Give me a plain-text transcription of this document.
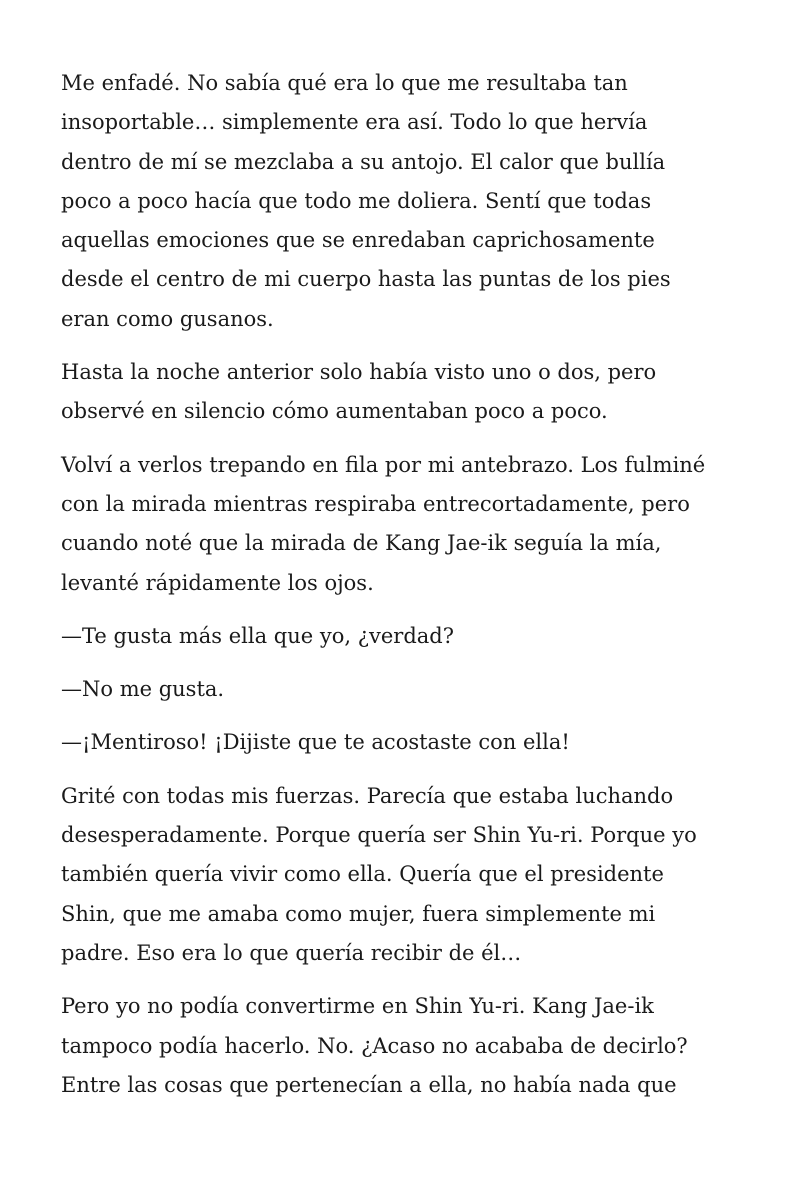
Me enfadé. No sabía qué era lo que me resultaba tan
insoportable… simplemente era así. Todo lo que hervía
dentro de mí se mezclaba a su antojo. El calor que bullía
poco a poco hacía que todo me doliera. Sentí que todas
aquellas emociones que se enredaban caprichosamente
desde el centro de mi cuerpo hasta las puntas de los pies
eran como gusanos.

Hasta la noche anterior solo había visto uno o dos, pero
observé en silencio cómo aumentaban poco a poco.

Volví a verlos trepando en fila por mi antebrazo. Los fulminé
con la mirada mientras respiraba entrecortadamente, pero
cuando noté que la mirada de Kang Jae-ik seguía la mía,
levanté rápidamente los ojos.

—Te gusta más ella que yo, ¿verdad?

—No me gusta.

—¡Mentiroso! ¡Dijiste que te acostaste con ella!

Grité con todas mis fuerzas. Parecía que estaba luchando
desesperadamente. Porque quería ser Shin Yu-ri. Porque yo
también quería vivir como ella. Quería que el presidente
Shin, que me amaba como mujer, fuera simplemente mi
padre. Eso era lo que quería recibir de él…

Pero yo no podía convertirme en Shin Yu-ri. Kang Jae-ik
tampoco podía hacerlo. No. ¿Acaso no acababa de decirlo?
Entre las cosas que pertenecían a ella, no había nada que
